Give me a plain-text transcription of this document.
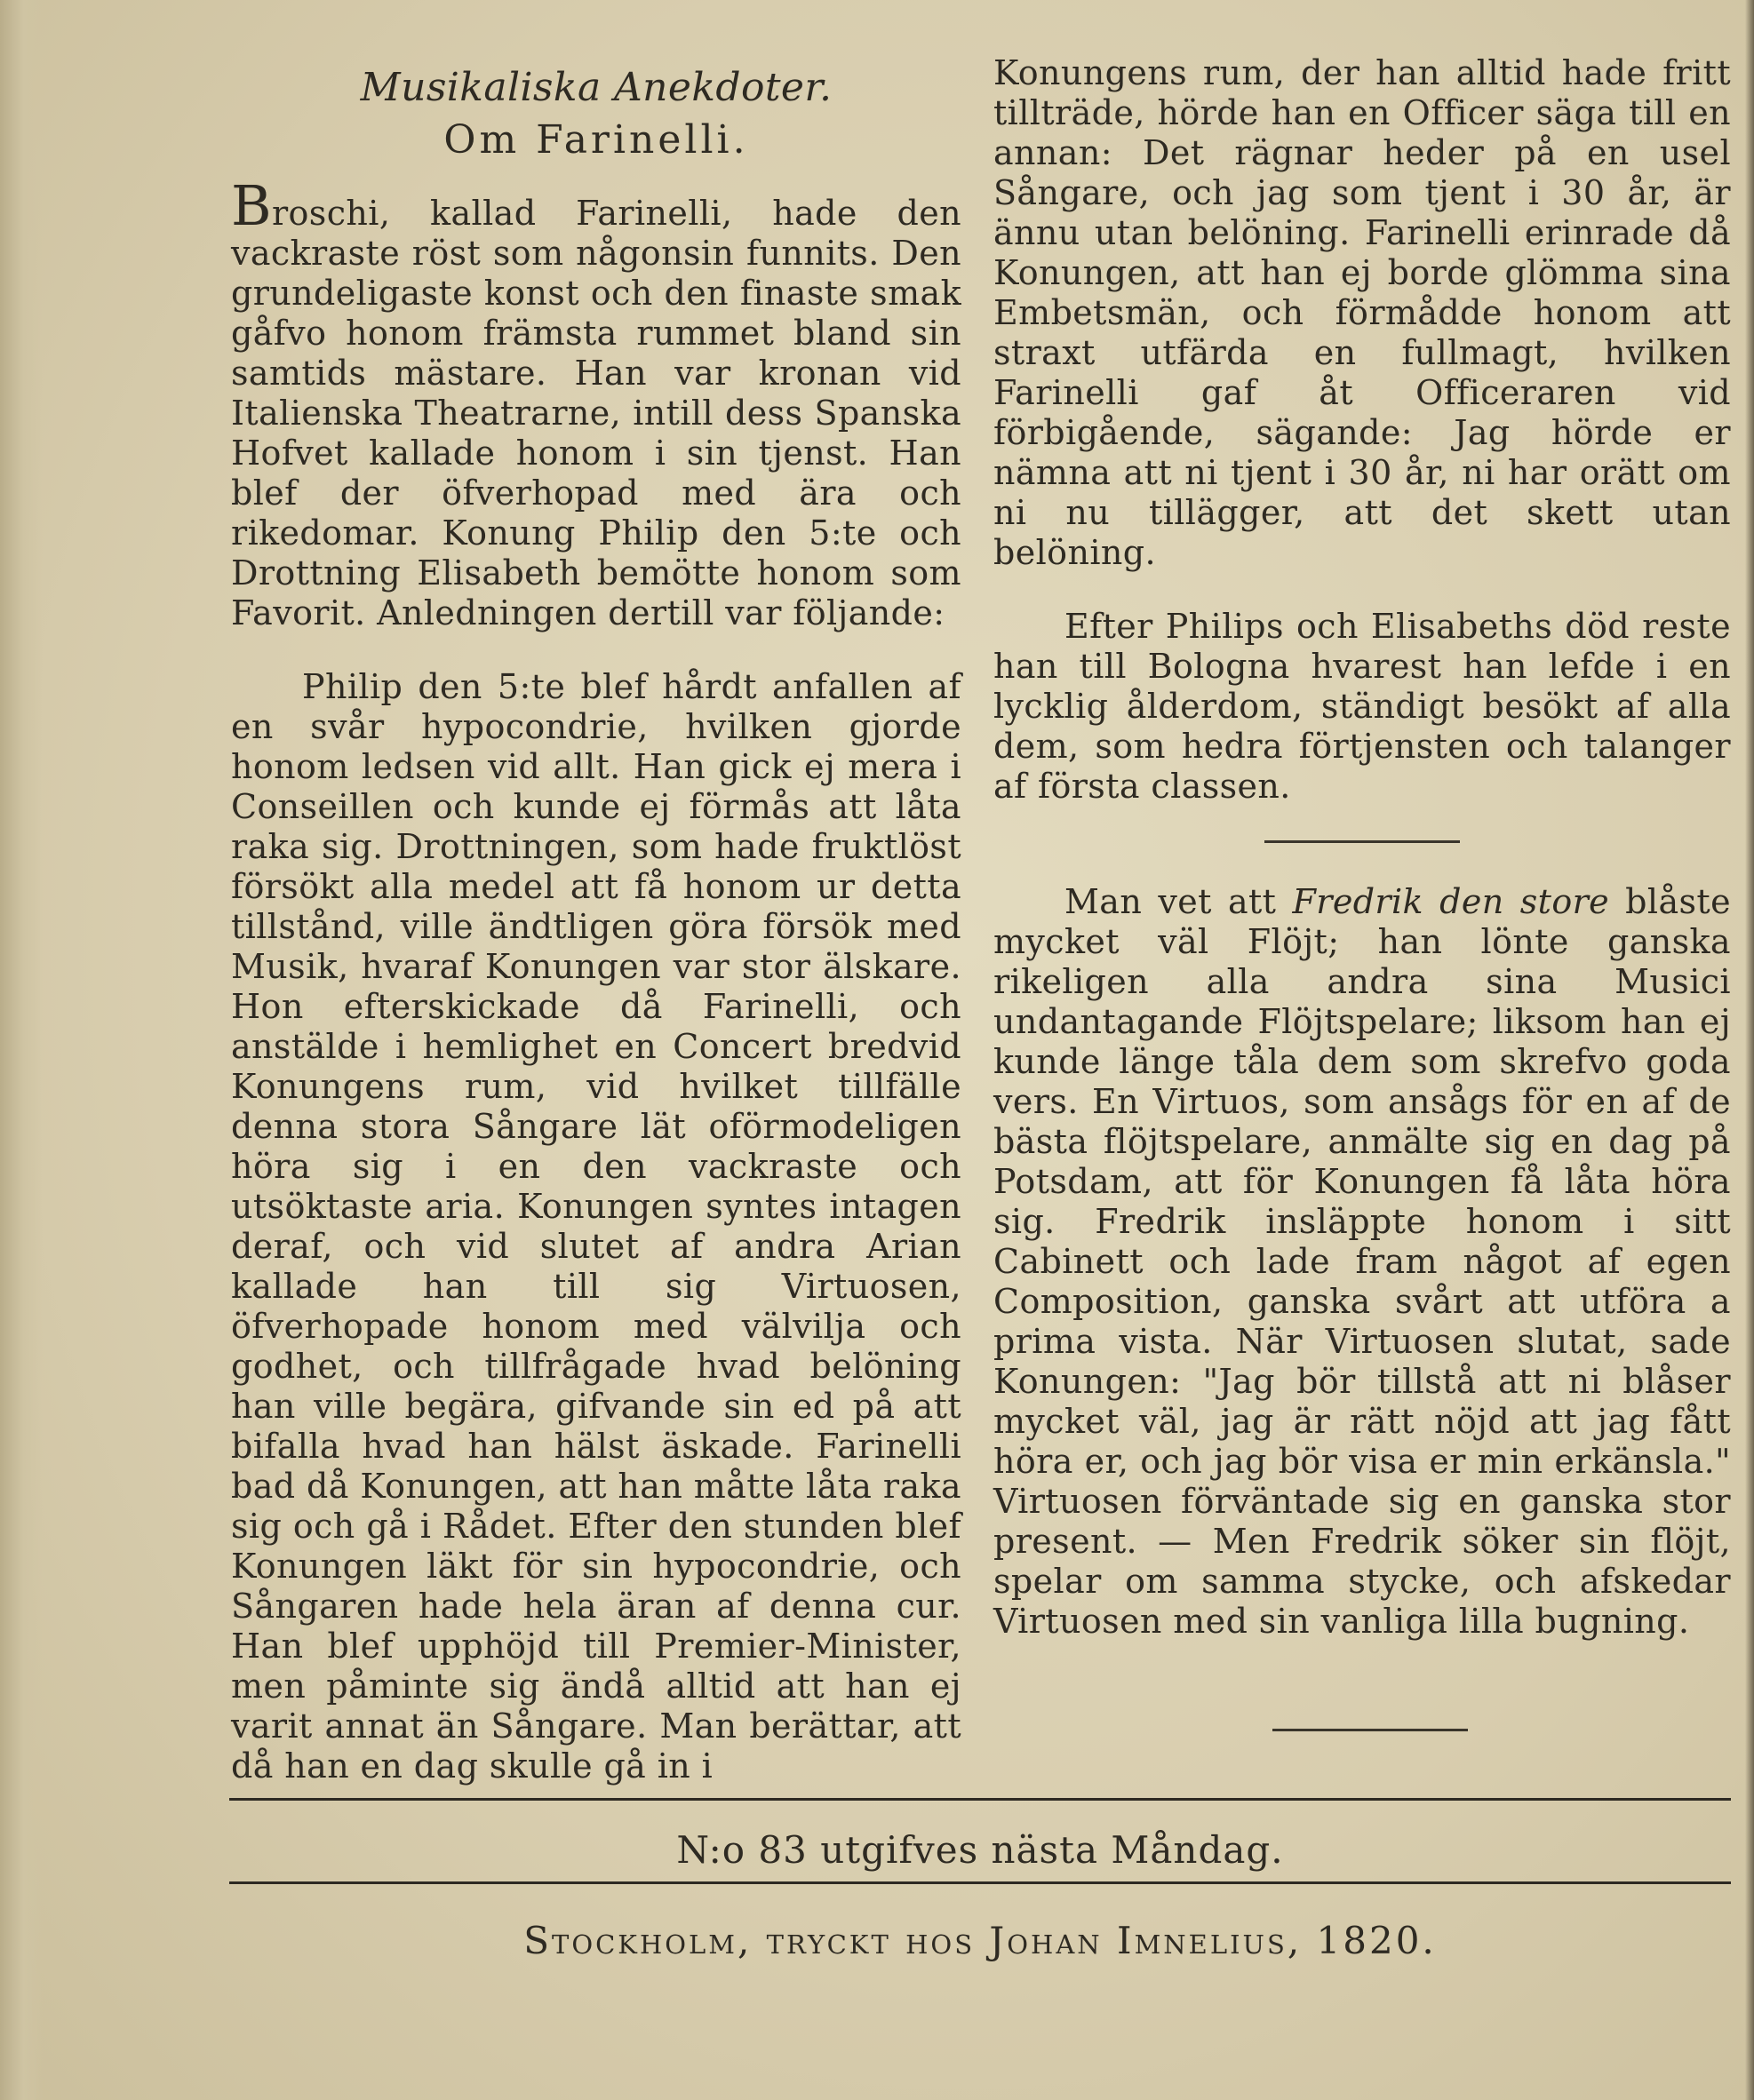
Musikaliska Anekdoter.
Om Farinelli.

Broschi, kallad Farinelli, hade den vackraste röst som någonsin funnits. Den grundeligaste konst och den finaste smak gåfvo honom främsta rummet bland sin samtids mästare. Han var kronan vid Italienska Theatrarne, intill dess Spanska Hofvet kallade honom i sin tjenst. Han blef der öfverhopad med ära och rikedomar. Konung Philip den 5:te och Drottning Elisabeth bemötte honom som Favorit. Anledningen dertill var följande:

Philip den 5:te blef hårdt anfallen af en svår hypocondrie, hvilken gjorde honom ledsen vid allt. Han gick ej mera i Conseillen och kunde ej förmås att låta raka sig. Drottningen, som hade fruktlöst försökt alla medel att få honom ur detta tillstånd, ville ändtligen göra försök med Musik, hvaraf Konungen var stor älskare. Hon efterskickade då Farinelli, och anstälde i hemlighet en Concert bredvid Konungens rum, vid hvilket tillfälle denna stora Sångare lät oförmodeligen höra sig i en den vackraste och utsöktaste aria. Konungen syntes intagen deraf, och vid slutet af andra Arian kallade han till sig Virtuosen, öfverhopade honom med välvilja och godhet, och tillfrågade hvad belöning han ville begära, gifvande sin ed på att bifalla hvad han hälst äskade. Farinelli bad då Konungen, att han måtte låta raka sig och gå i Rådet. Efter den stunden blef Konungen läkt för sin hypocondrie, och Sångaren hade hela äran af denna cur. Han blef upphöjd till Premier-Minister, men påminte sig ändå alltid att han ej varit annat än Sångare. Man berättar, att då han en dag skulle gå in i

Konungens rum, der han alltid hade fritt tillträde, hörde han en Officer säga till en annan: Det rägnar heder på en usel Sångare, och jag som tjent i 30 år, är ännu utan belöning. Farinelli erinrade då Konungen, att han ej borde glömma sina Embetsmän, och förmådde honom att straxt utfärda en fullmagt, hvilken Farinelli gaf åt Officeraren vid förbigående, sägande: Jag hörde er nämna att ni tjent i 30 år, ni har orätt om ni nu tillägger, att det skett utan belöning.

Efter Philips och Elisabeths död reste han till Bologna hvarest han lefde i en lycklig ålderdom, ständigt besökt af alla dem, som hedra förtjensten och talanger af första classen.

Man vet att Fredrik den store blåste mycket väl Flöjt; han lönte ganska rikeligen alla andra sina Musici undantagande Flöjtspelare; liksom han ej kunde länge tåla dem som skrefvo goda vers. En Virtuos, som ansågs för en af de bästa flöjtspelare, anmälte sig en dag på Potsdam, att för Konungen få låta höra sig. Fredrik insläppte honom i sitt Cabinett och lade fram något af egen Composition, ganska svårt att utföra a prima vista. När Virtuosen slutat, sade Konungen: "Jag bör tillstå att ni blåser mycket väl, jag är rätt nöjd att jag fått höra er, och jag bör visa er min erkänsla." Virtuosen förväntade sig en ganska stor present. — Men Fredrik söker sin flöjt, spelar om samma stycke, och afskedar Virtuosen med sin vanliga lilla bugning.

N:o 83 utgifves nästa Måndag.
Stockholm, tryckt hos Johan Imnelius, 1820.
